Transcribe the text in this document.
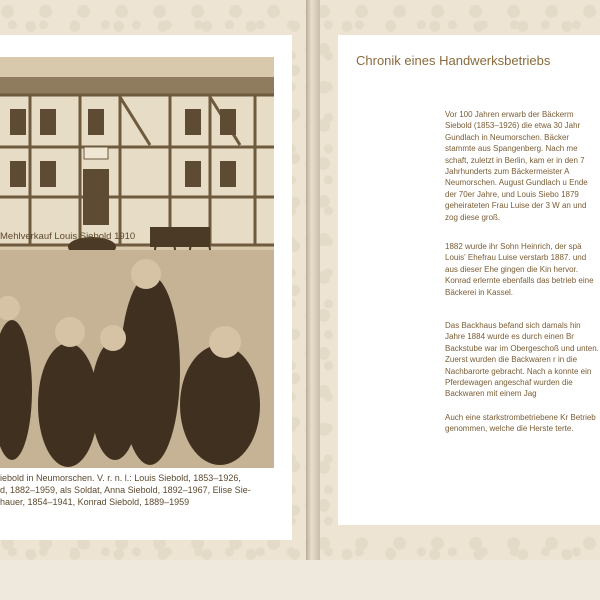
Mehlverkauf Louis Siebold 1910
iebold in Neumorschen. V. r. n. l.: Louis Siebold, 1853–1926,
d, 1882–1959, als Soldat, Anna Siebold, 1892–1967, Elise Sie-
hauer, 1854–1941, Konrad Siebold, 1889–1959
Chronik eines Handwerksbetriebs
Vor 100 Jahren erwarb der Bäckerm Siebold (1853–1926) die etwa 30 Jahr Gundlach in Neumorschen. Bäcker stammte aus Spangenberg. Nach me schaft, zuletzt in Berlin, kam er in den 7 Jahrhunderts zum Bäckermeister A Neumorschen. August Gundlach u Ende der 70er Jahre, und Louis Siebo 1879 geheirateten Frau Luise der 3 W an und zog diese groß.
1882 wurde ihr Sohn Heinrich, der spä Louis' Ehefrau Luise verstarb 1887. und aus dieser Ehe gingen die Kin hervor. Konrad erlernte ebenfalls das betrieb eine Bäckerei in Kassel.
Das Backhaus befand sich damals hin Jahre 1884 wurde es durch einen Br Backstube war im Obergeschoß und unten. Zuerst wurden die Backwaren r in die Nachbarorte gebracht. Nach a konnte ein Pferdewagen angeschaf wurden die Backwaren mit einem Jag
Auch eine starkstrombetriebene Kr Betrieb genommen, welche die Herste terte.
